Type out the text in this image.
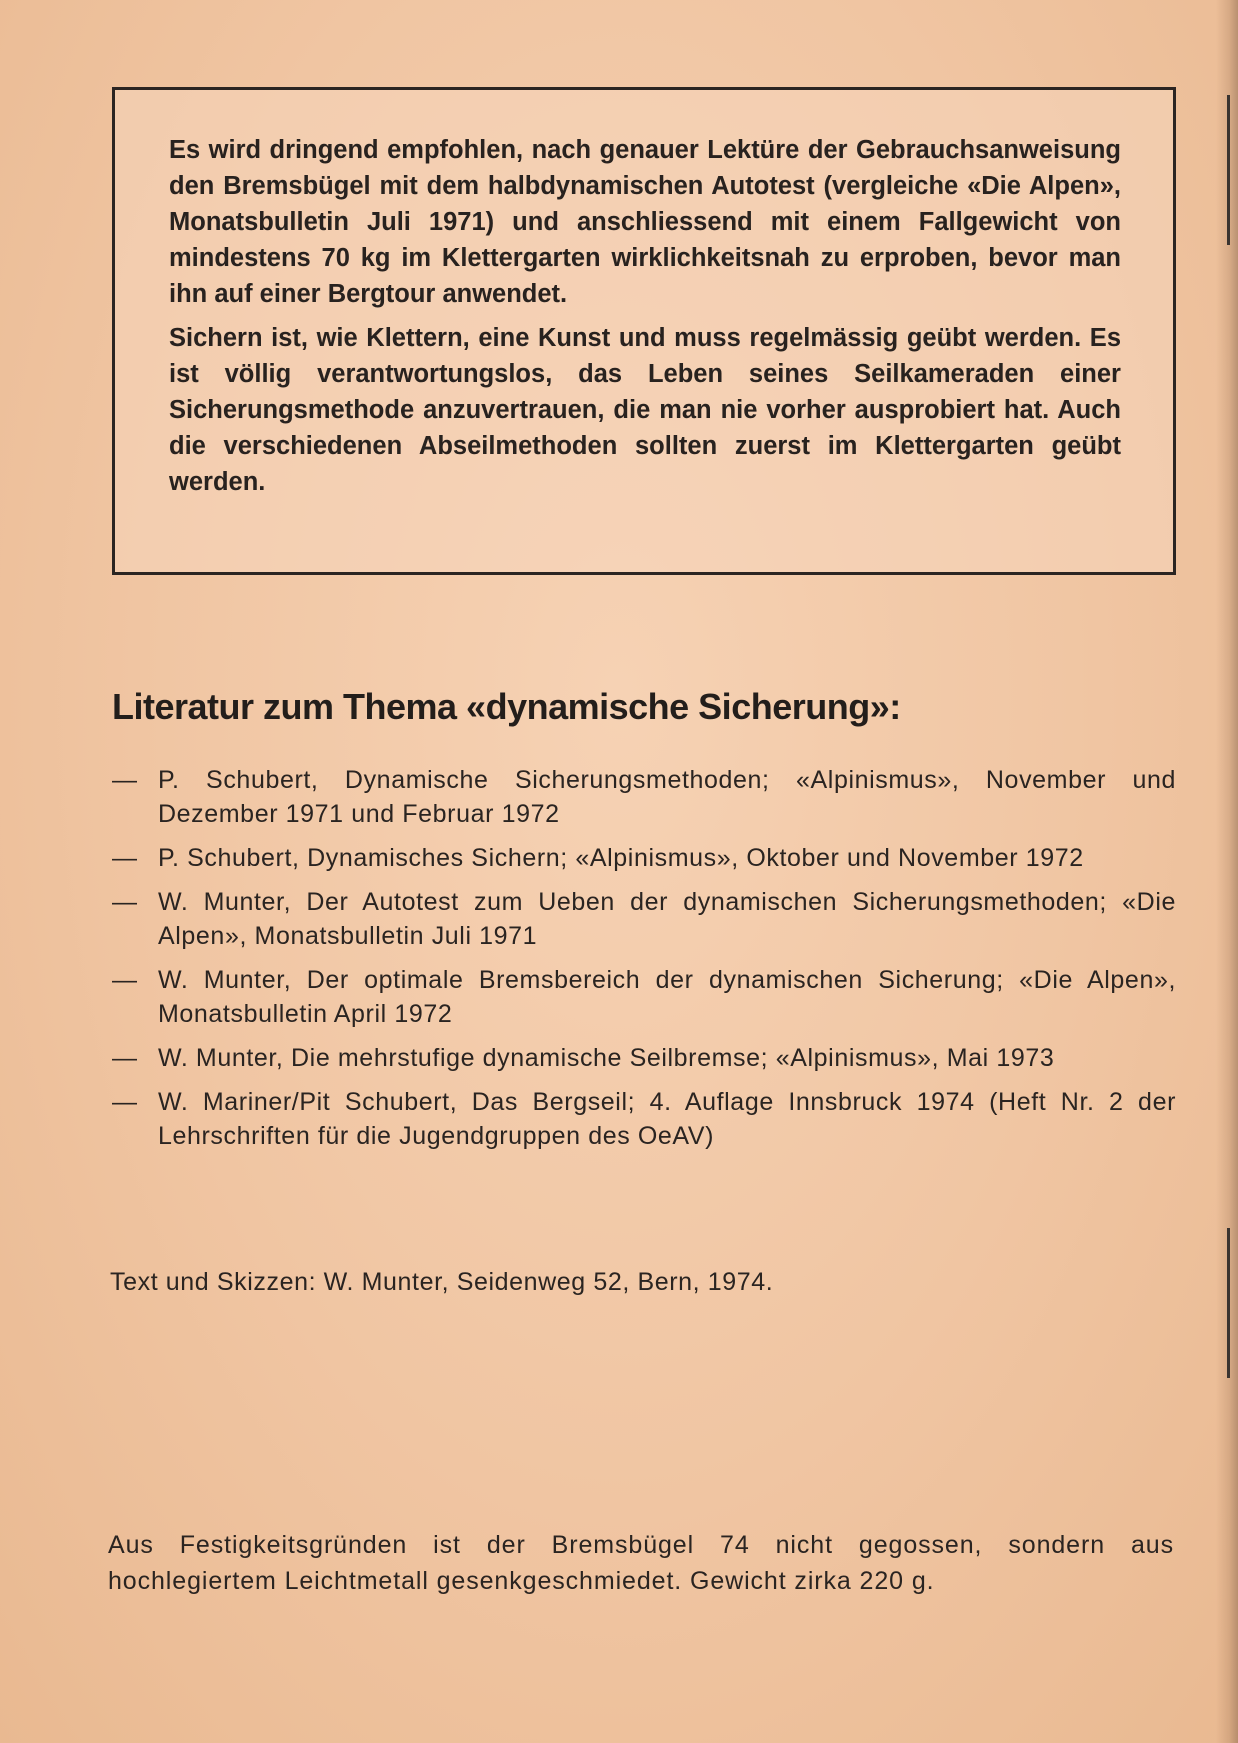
Es wird dringend empfohlen, nach genauer Lektüre der Gebrauchsanweisung den Bremsbügel mit dem halbdynamischen Autotest (vergleiche «Die Alpen», Monatsbulletin Juli 1971) und anschliessend mit einem Fallgewicht von mindestens 70 kg im Klettergarten wirklichkeitsnah zu erproben, bevor man ihn auf einer Bergtour anwendet.

Sichern ist, wie Klettern, eine Kunst und muss regelmässig geübt werden. Es ist völlig verantwortungslos, das Leben seines Seilkameraden einer Sicherungsmethode anzuvertrauen, die man nie vorher ausprobiert hat. Auch die verschiedenen Abseilmethoden sollten zuerst im Klettergarten geübt werden.

Literatur zum Thema «dynamische Sicherung»:
— P. Schubert, Dynamische Sicherungsmethoden; «Alpinismus», November und Dezember 1971 und Februar 1972
— P. Schubert, Dynamisches Sichern; «Alpinismus», Oktober und November 1972
— W. Munter, Der Autotest zum Ueben der dynamischen Sicherungsmethoden; «Die Alpen», Monatsbulletin Juli 1971
— W. Munter, Der optimale Bremsbereich der dynamischen Sicherung; «Die Alpen», Monatsbulletin April 1972
— W. Munter, Die mehrstufige dynamische Seilbremse; «Alpinismus», Mai 1973
— W. Mariner/Pit Schubert, Das Bergseil; 4. Auflage Innsbruck 1974 (Heft Nr. 2 der Lehrschriften für die Jugendgruppen des OeAV)

Text und Skizzen: W. Munter, Seidenweg 52, Bern, 1974.

Aus Festigkeitsgründen ist der Bremsbügel 74 nicht gegossen, sondern aus hochlegiertem Leichtmetall gesenkgeschmiedet. Gewicht zirka 220 g.
